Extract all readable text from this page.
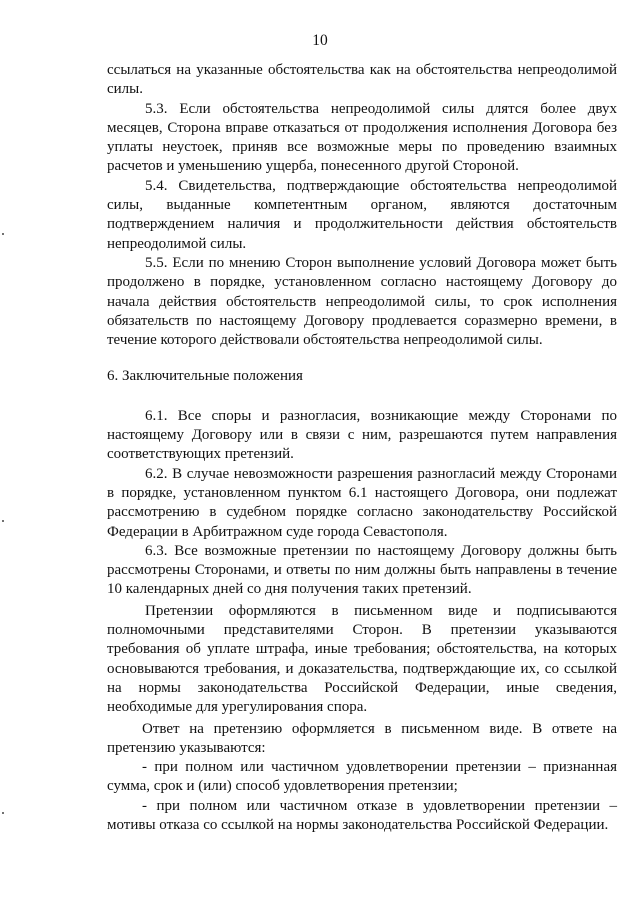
10

ссылаться на указанные обстоятельства как на обстоятельства непреодолимой силы.

5.3. Если обстоятельства непреодолимой силы длятся более двух месяцев, Сторона вправе отказаться от продолжения исполнения Договора без уплаты неустоек, приняв все возможные меры по проведению взаимных расчетов и уменьшению ущерба, понесенного другой Стороной.

5.4. Свидетельства, подтверждающие обстоятельства непреодолимой силы, выданные компетентным органом, являются достаточным подтверждением наличия и продолжительности действия обстоятельств непреодолимой силы.

5.5. Если по мнению Сторон выполнение условий Договора может быть продолжено в порядке, установленном согласно настоящему Договору до начала действия обстоятельств непреодолимой силы, то срок исполнения обязательств по настоящему Договору продлевается соразмерно времени, в течение которого действовали обстоятельства непреодолимой силы.

6. Заключительные положения

6.1. Все споры и разногласия, возникающие между Сторонами по настоящему Договору или в связи с ним, разрешаются путем направления соответствующих претензий.

6.2. В случае невозможности разрешения разногласий между Сторонами в порядке, установленном пунктом 6.1 настоящего Договора, они подлежат рассмотрению в судебном порядке согласно законодательству Российской Федерации в Арбитражном суде города Севастополя.

6.3. Все возможные претензии по настоящему Договору должны быть рассмотрены Сторонами, и ответы по ним должны быть направлены в течение 10 календарных дней со дня получения таких претензий.

Претензии оформляются в письменном виде и подписываются полномочными представителями Сторон. В претензии указываются требования об уплате штрафа, иные требования; обстоятельства, на которых основываются требования, и доказательства, подтверждающие их, со ссылкой на нормы законодательства Российской Федерации, иные сведения, необходимые для урегулирования спора.

Ответ на претензию оформляется в письменном виде. В ответе на претензию указываются:

- при полном или частичном удовлетворении претензии – признанная сумма, срок и (или) способ удовлетворения претензии;

- при полном или частичном отказе в удовлетворении претензии – мотивы отказа со ссылкой на нормы законодательства Российской Федерации.
